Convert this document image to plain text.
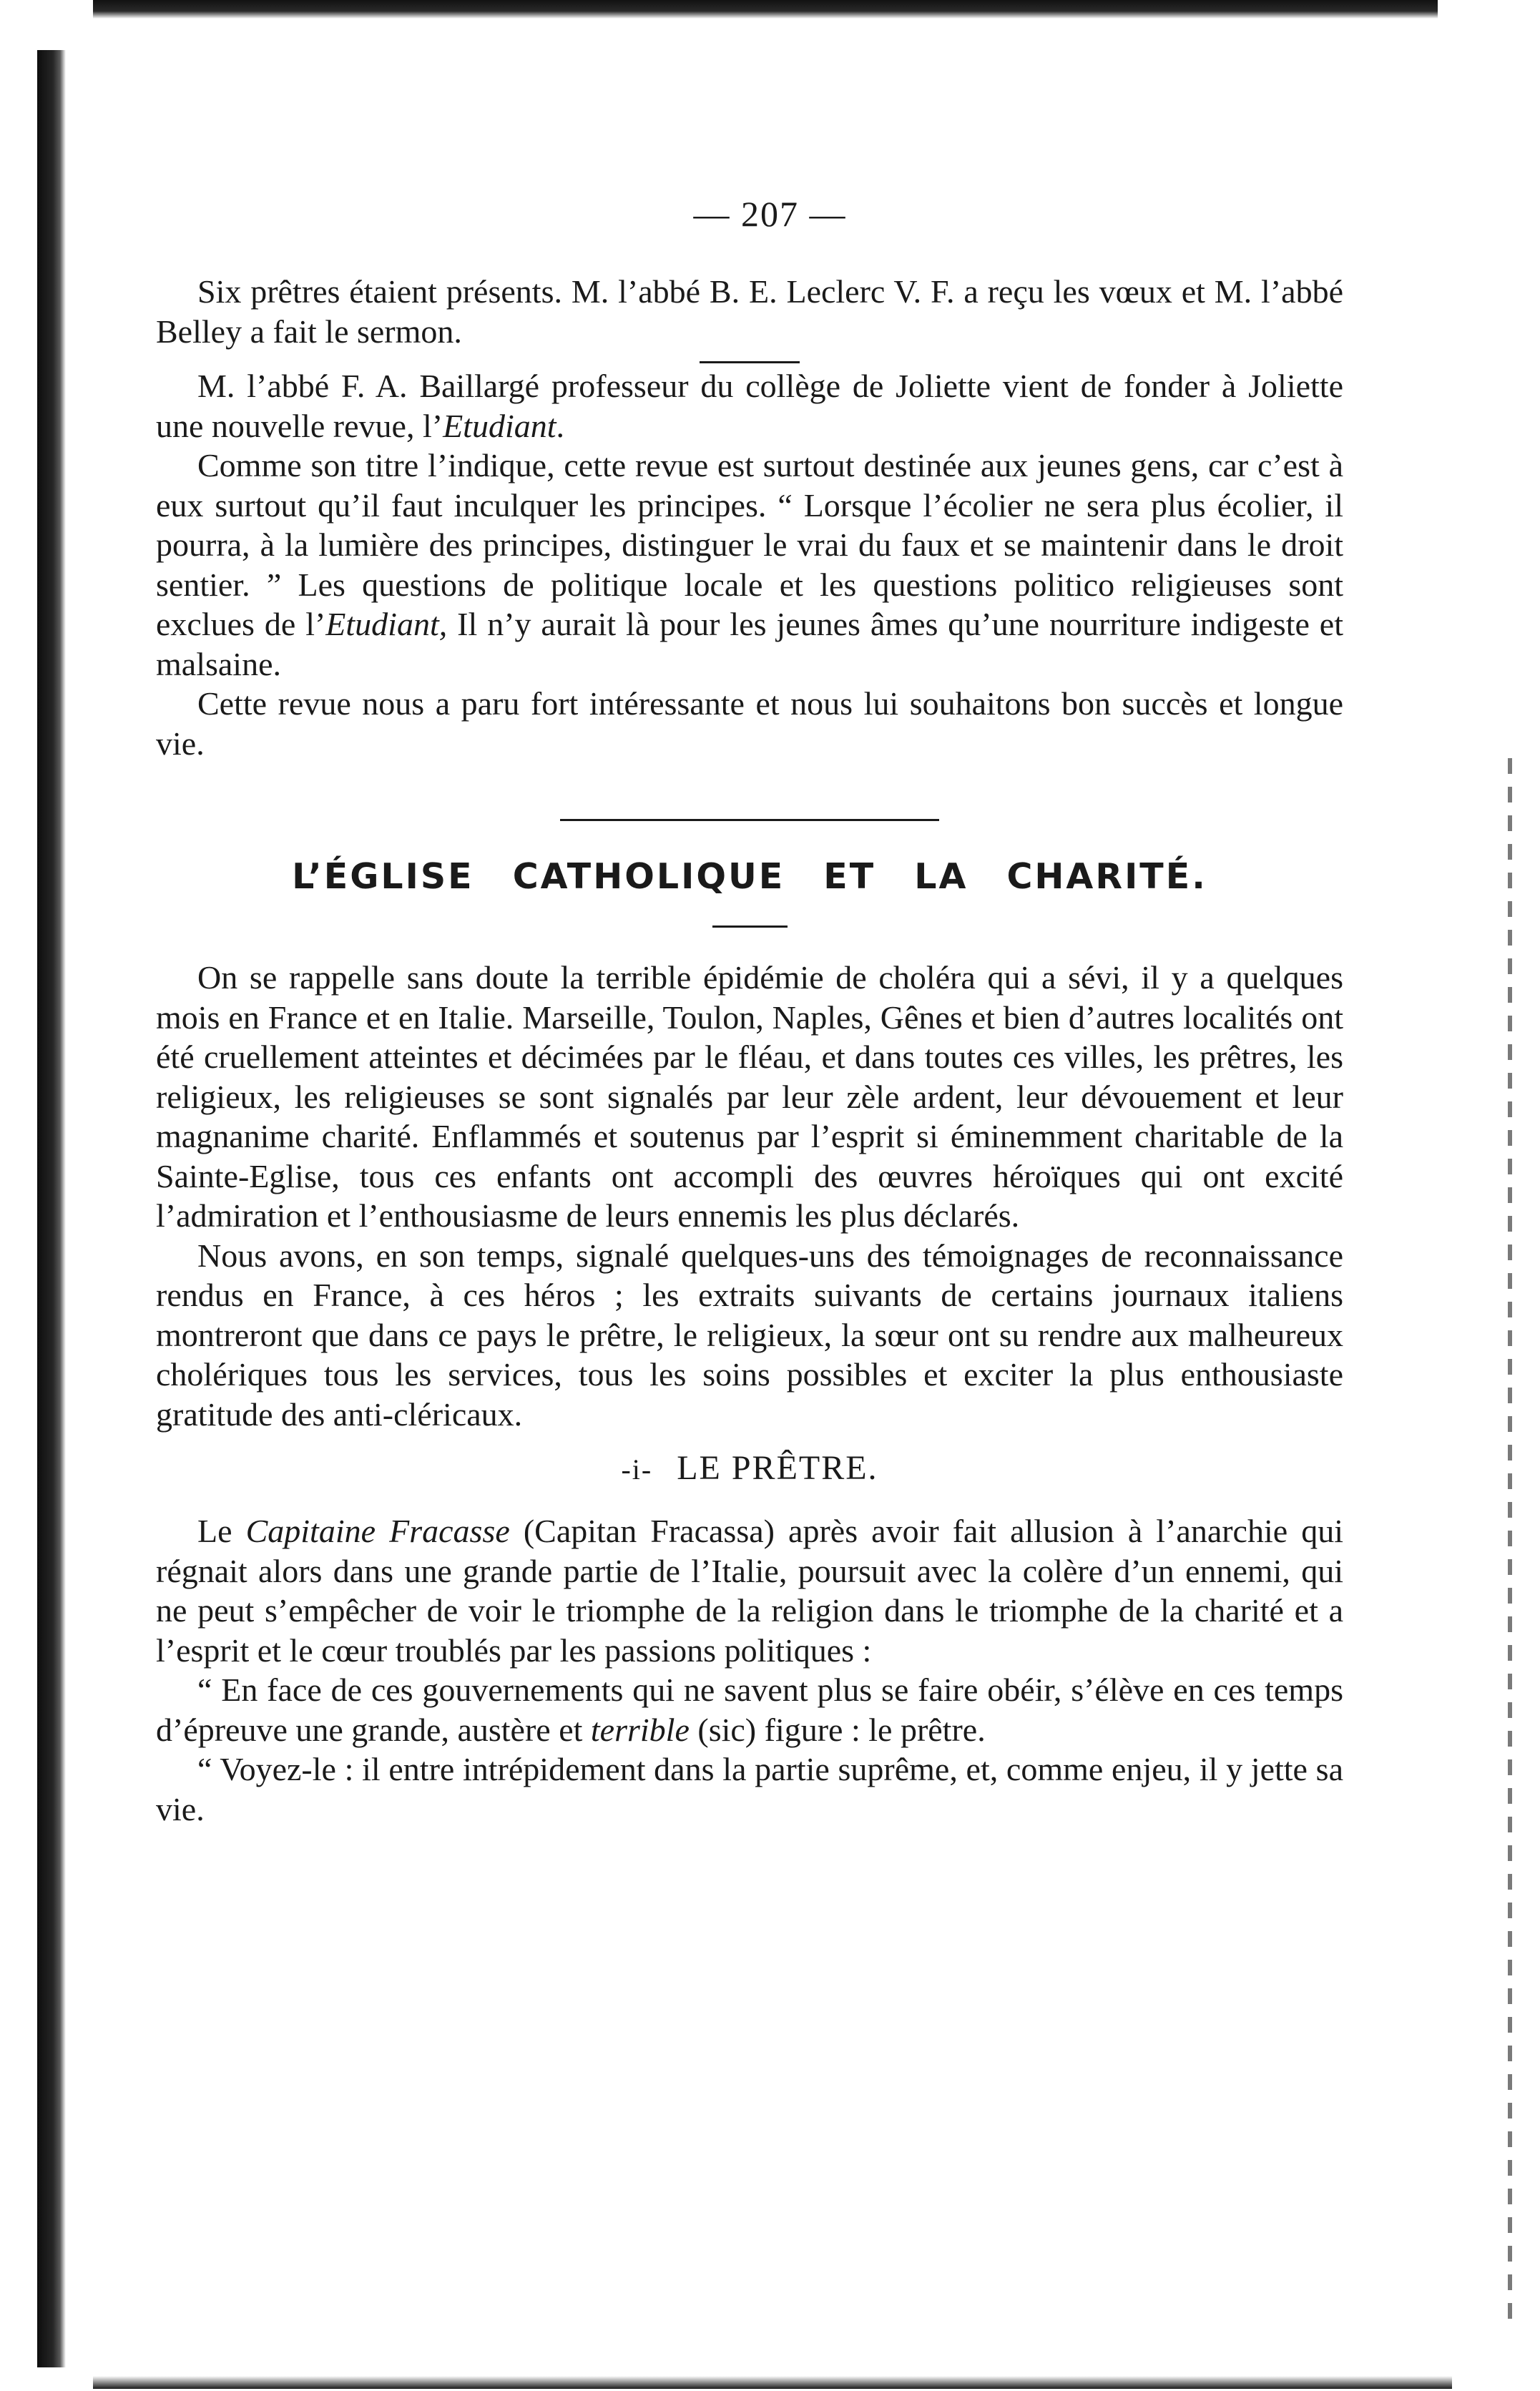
— 207 —

Six prêtres étaient présents. M. l’abbé B. E. Leclerc V. F. a reçu les vœux et M. l’abbé Belley a fait le sermon.

M. l’abbé F. A. Baillargé professeur du collège de Joliette vient de fonder à Joliette une nouvelle revue, l’Etudiant.

Comme son titre l’indique, cette revue est surtout destinée aux jeunes gens, car c’est à eux surtout qu’il faut inculquer les principes. “ Lorsque l’écolier ne sera plus écolier, il pourra, à la lumière des principes, distinguer le vrai du faux et se maintenir dans le droit sentier. ” Les questions de politique locale et les questions politico religieuses sont exclues de l’Etudiant, Il n’y aurait là pour les jeunes âmes qu’une nourriture indigeste et malsaine.

Cette revue nous a paru fort intéressante et nous lui souhaitons bon succès et longue vie.

L’ÉGLISE CATHOLIQUE ET LA CHARITÉ.

On se rappelle sans doute la terrible épidémie de choléra qui a sévi, il y a quelques mois en France et en Italie. Marseille, Toulon, Naples, Gênes et bien d’autres localités ont été cruellement atteintes et décimées par le fléau, et dans toutes ces villes, les prêtres, les religieux, les religieuses se sont signalés par leur zèle ardent, leur dévouement et leur magnanime charité. Enflammés et soutenus par l’esprit si éminemment charitable de la Sainte-Eglise, tous ces enfants ont accompli des œuvres héroïques qui ont excité l’admiration et l’enthousiasme de leurs ennemis les plus déclarés.

Nous avons, en son temps, signalé quelques-uns des témoignages de reconnaissance rendus en France, à ces héros ; les extraits suivants de certains journaux italiens montreront que dans ce pays le prêtre, le religieux, la sœur ont su rendre aux malheureux cholériques tous les services, tous les soins possibles et exciter la plus enthousiaste gratitude des anti-cléricaux.

-i- LE PRÊTRE.

Le Capitaine Fracasse (Capitan Fracassa) après avoir fait allusion à l’anarchie qui régnait alors dans une grande partie de l’Italie, poursuit avec la colère d’un ennemi, qui ne peut s’empêcher de voir le triomphe de la religion dans le triomphe de la charité et a l’esprit et le cœur troublés par les passions politiques :

“ En face de ces gouvernements qui ne savent plus se faire obéir, s’élève en ces temps d’épreuve une grande, austère et terrible (sic) figure : le prêtre.

“ Voyez-le : il entre intrépidement dans la partie suprême, et, comme enjeu, il y jette sa vie.
